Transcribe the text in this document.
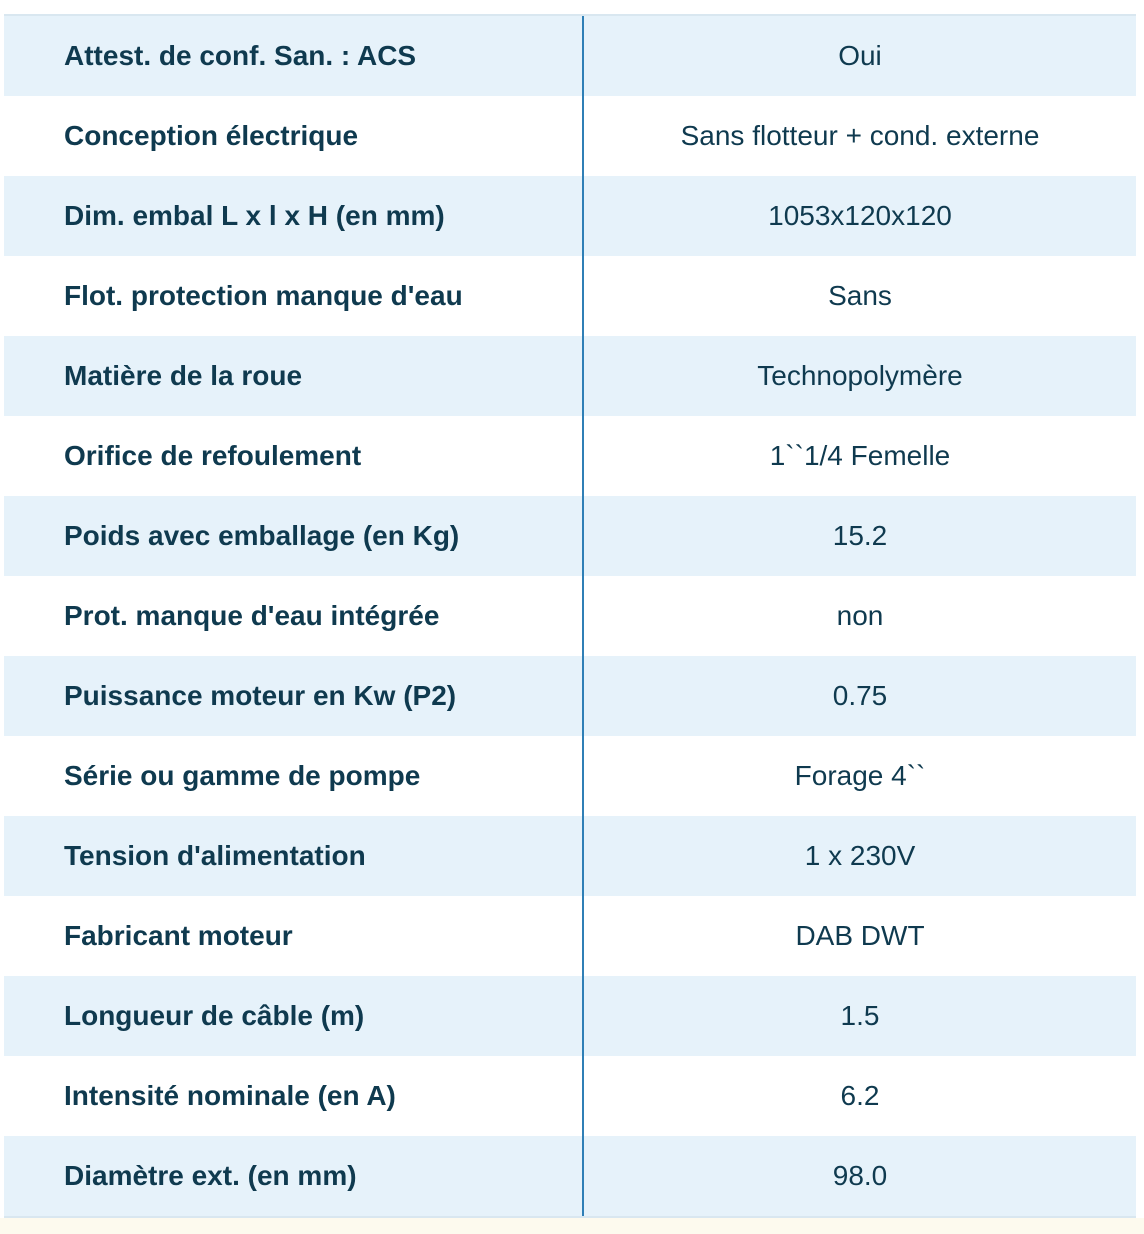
Attest. de conf. San. : ACS	Oui
Conception électrique	Sans flotteur + cond. externe
Dim. embal L x l x H (en mm)	1053x120x120
Flot. protection manque d'eau	Sans
Matière de la roue	Technopolymère
Orifice de refoulement	1``1/4 Femelle
Poids avec emballage (en Kg)	15.2
Prot. manque d'eau intégrée	non
Puissance moteur en Kw (P2)	0.75
Série ou gamme de pompe	Forage 4``
Tension d'alimentation	1 x 230V
Fabricant moteur	DAB DWT
Longueur de câble (m)	1.5
Intensité nominale (en A)	6.2
Diamètre ext. (en mm)	98.0
